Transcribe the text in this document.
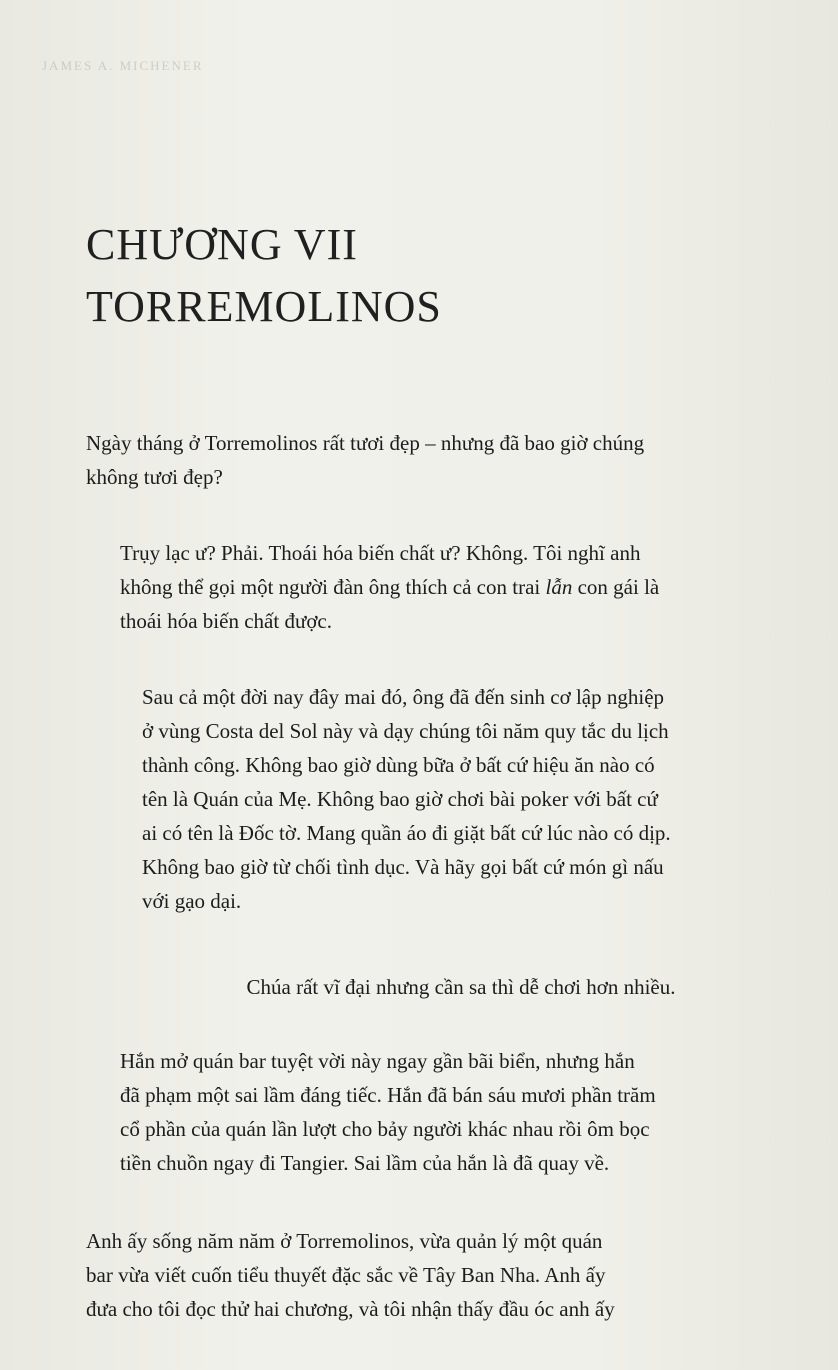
JAMES A. MICHENER
CHƯƠNG VII
TORREMOLINOS
Ngày tháng ở Torremolinos rất tươi đẹp – nhưng đã bao giờ chúng
không tươi đẹp?
Trụy lạc ư? Phải. Thoái hóa biến chất ư? Không. Tôi nghĩ anh
không thể gọi một người đàn ông thích cả con trai lẫn con gái là
thoái hóa biến chất được.
Sau cả một đời nay đây mai đó, ông đã đến sinh cơ lập nghiệp
ở vùng Costa del Sol này và dạy chúng tôi năm quy tắc du lịch
thành công. Không bao giờ dùng bữa ở bất cứ hiệu ăn nào có
tên là Quán của Mẹ. Không bao giờ chơi bài poker với bất cứ
ai có tên là Đốc tờ. Mang quần áo đi giặt bất cứ lúc nào có dịp.
Không bao giờ từ chối tình dục. Và hãy gọi bất cứ món gì nấu
với gạo dại.
Chúa rất vĩ đại nhưng cần sa thì dễ chơi hơn nhiều.
Hắn mở quán bar tuyệt vời này ngay gần bãi biển, nhưng hắn
đã phạm một sai lầm đáng tiếc. Hắn đã bán sáu mươi phần trăm
cổ phần của quán lần lượt cho bảy người khác nhau rồi ôm bọc
tiền chuồn ngay đi Tangier. Sai lầm của hắn là đã quay về.
Anh ấy sống năm năm ở Torremolinos, vừa quản lý một quán
bar vừa viết cuốn tiểu thuyết đặc sắc về Tây Ban Nha. Anh ấy
đưa cho tôi đọc thử hai chương, và tôi nhận thấy đầu óc anh ấy
